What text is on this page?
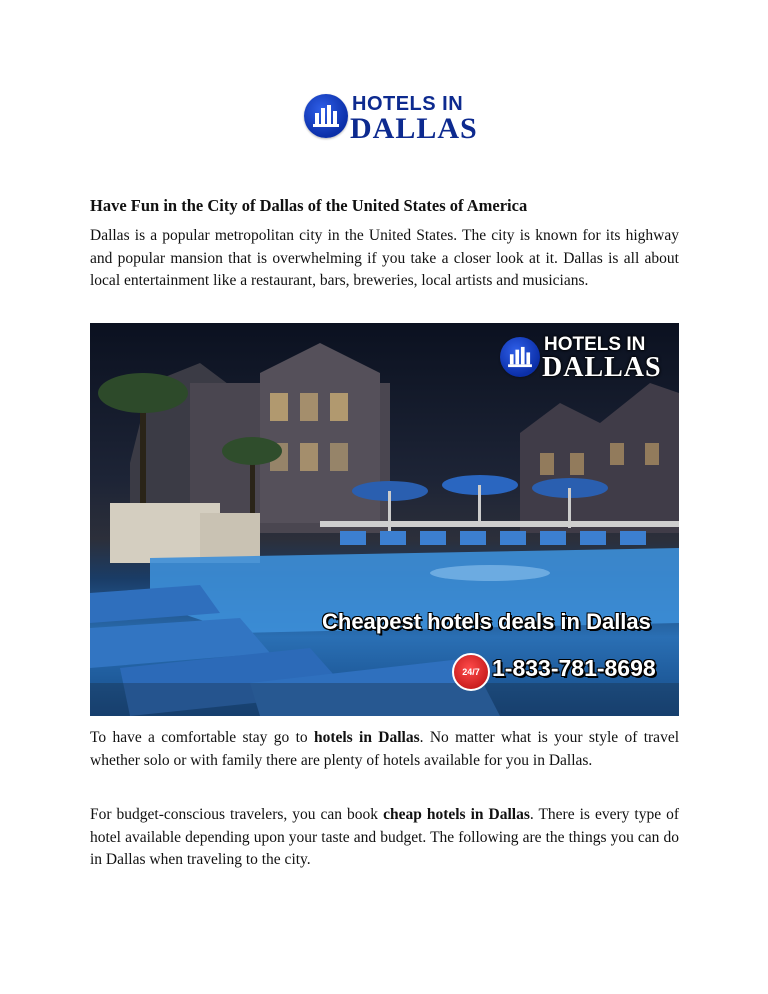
HOTELS IN
DALLAS
Have Fun in the City of Dallas of the United States of America

Dallas is a popular metropolitan city in the United States. The city is known for its highway and popular mansion that is overwhelming if you take a closer look at it. Dallas is all about local entertainment like a restaurant, bars, breweries, local artists and musicians.

HOTELS IN
DALLAS
Cheapest hotels deals in Dallas
24/7 1-833-781-8698

To have a comfortable stay go to hotels in Dallas. No matter what is your style of travel whether solo or with family there are plenty of hotels available for you in Dallas.

For budget-conscious travelers, you can book cheap hotels in Dallas. There is every type of hotel available depending upon your taste and budget. The following are the things you can do in Dallas when traveling to the city.
